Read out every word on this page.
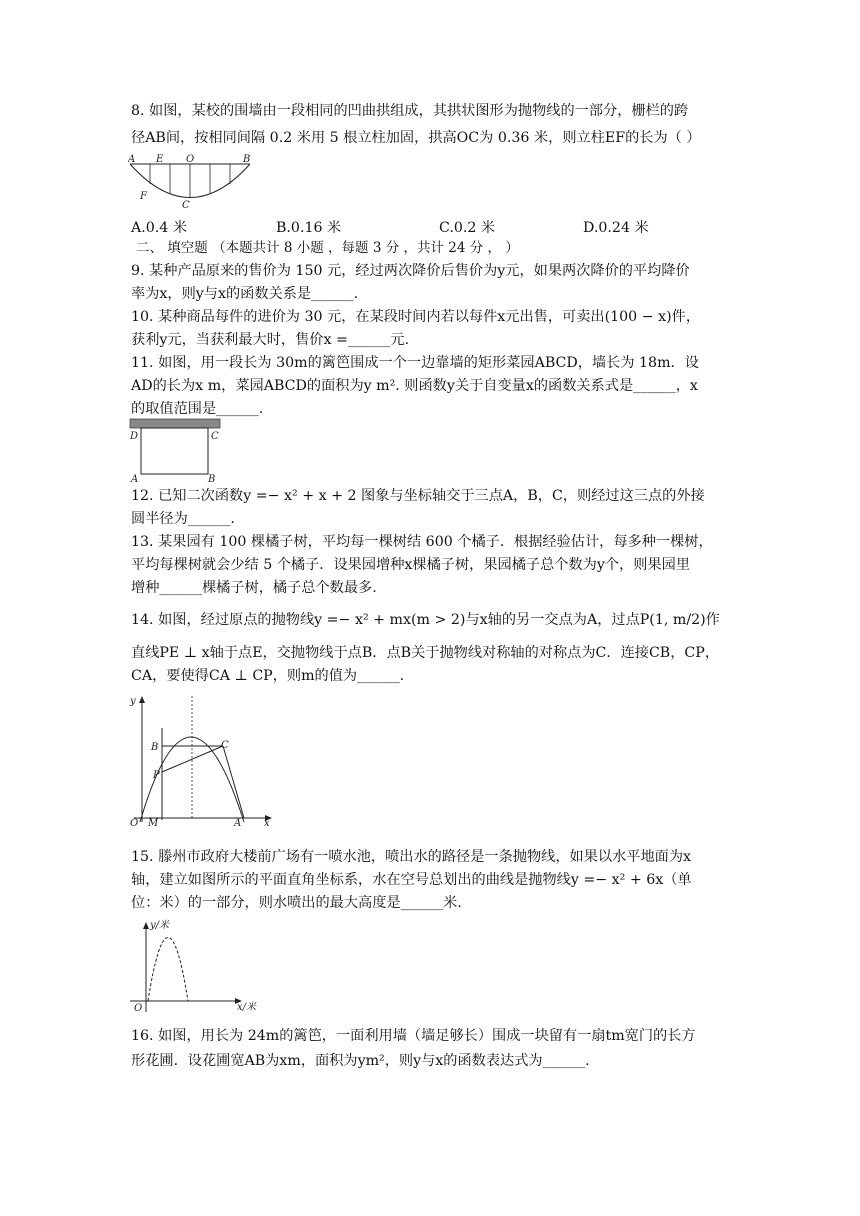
8. 如图，某校的围墙由一段相同的凹曲拱组成，其拱状图形为抛物线的一部分，栅栏的跨
径AB间，按相同间隔 0.2 米用 5 根立柱加固，拱高OC为 0.36 米，则立柱EF的长为（ ）
A E O	B
F
C
A.0.4 米	B.0.16 米	C.0.2 米	D.0.24 米
二、 填空题 （本题共计 8 小题 ，每题 3 分 ，共计 24 分 ， ）
9. 某种产品原来的售价为 150 元，经过两次降价后售价为y元，如果两次降价的平均降价
率为x，则y与x的函数关系是______.
10. 某种商品每件的进价为 30 元，在某段时间内若以每件x元出售，可卖出(100 − x)件，
获利y元，当获利最大时，售价x =______元.
11. 如图，用一段长为 30m的篱笆围成一个一边靠墙的矩形菜园ABCD，墙长为 18m．设
AD的长为x m，菜园ABCD的面积为y m². 则函数y关于自变量x的函数关系式是______，x
的取值范围是______.
D	C
A	B
12. 已知二次函数y =− x² + x + 2 图象与坐标轴交于三点A，B，C，则经过这三点的外接
圆半径为______.
13. 某果园有 100 棵橘子树，平均每一棵树结 600 个橘子．根据经验估计，每多种一棵树，
平均每棵树就会少结 5 个橘子．设果园增种x棵橘子树，果园橘子总个数为y个，则果园里
增种______棵橘子树，橘子总个数最多.
14. 如图，经过原点的抛物线y =− x² + mx(m > 2)与x轴的另一交点为A，过点P(1, m/2)作
直线PE ⊥ x轴于点E，交抛物线于点B．点B关于抛物线对称轴的对称点为C．连接CB，CP，
CA，要使得CA ⊥ CP，则m的值为______.
y
B	C
P
O M	A x
15. 滕州市政府大楼前广场有一喷水池，喷出水的路径是一条抛物线，如果以水平地面为x
轴，建立如图所示的平面直角坐标系，水在空号总划出的曲线是抛物线y =− x² + 6x（单
位：米）的一部分，则水喷出的最大高度是______米.
y/米
x/米
O
16. 如图，用长为 24m的篱笆，一面利用墙（墙足够长）围成一块留有一扇tm宽门的长方
形花圃．设花圃宽AB为xm，面积为ym²，则y与x的函数表达式为______.
